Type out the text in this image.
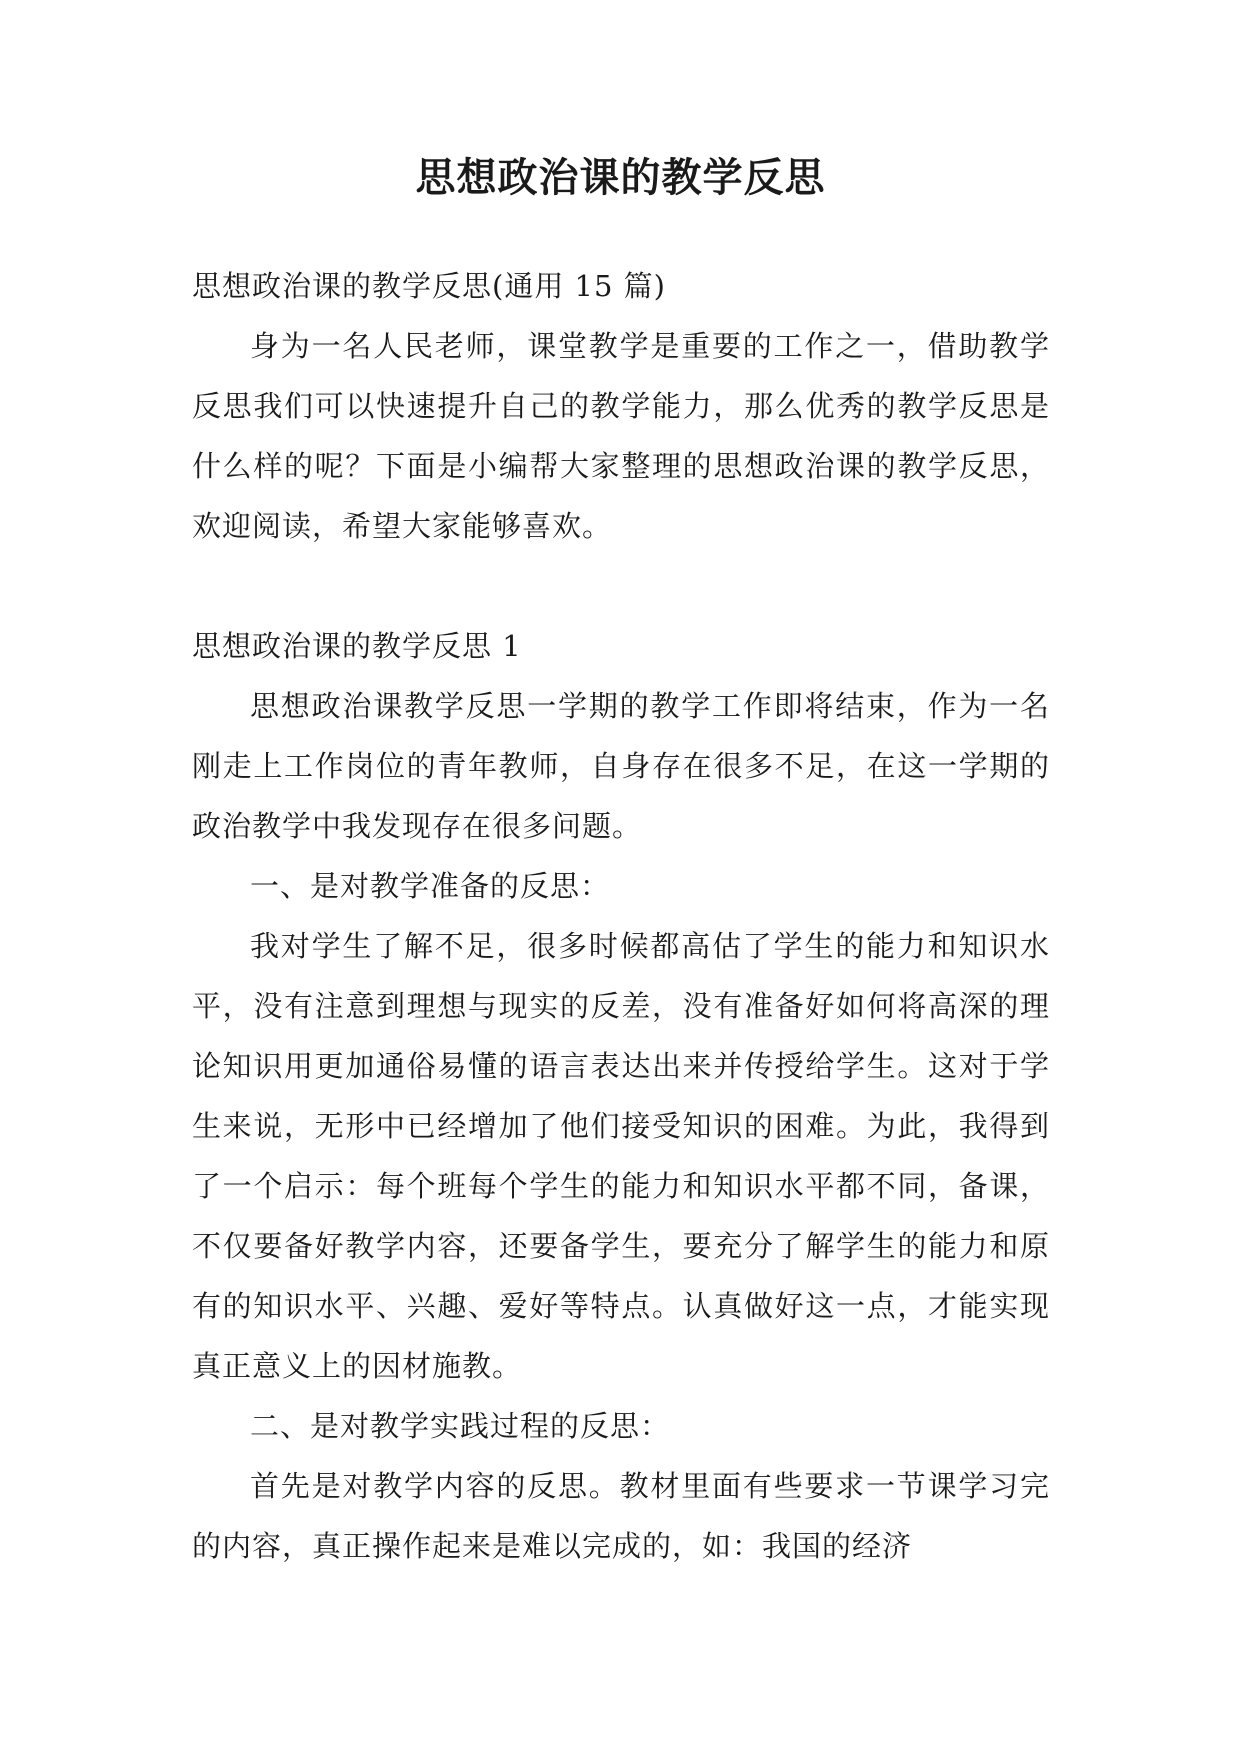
思想政治课的教学反思

思想政治课的教学反思(通用 15 篇)

身为一名人民老师，课堂教学是重要的工作之一，借助教学反思我们可以快速提升自己的教学能力，那么优秀的教学反思是什么样的呢？下面是小编帮大家整理的思想政治课的教学反思，欢迎阅读，希望大家能够喜欢。

思想政治课的教学反思 1

思想政治课教学反思一学期的教学工作即将结束，作为一名刚走上工作岗位的青年教师，自身存在很多不足，在这一学期的政治教学中我发现存在很多问题。

一、是对教学准备的反思：

我对学生了解不足，很多时候都高估了学生的能力和知识水平，没有注意到理想与现实的反差，没有准备好如何将高深的理论知识用更加通俗易懂的语言表达出来并传授给学生。这对于学生来说，无形中已经增加了他们接受知识的困难。为此，我得到了一个启示：每个班每个学生的能力和知识水平都不同，备课，不仅要备好教学内容，还要备学生，要充分了解学生的能力和原有的知识水平、兴趣、爱好等特点。认真做好这一点，才能实现真正意义上的因材施教。

二、是对教学实践过程的反思：

首先是对教学内容的反思。教材里面有些要求一节课学习完的内容，真正操作起来是难以完成的，如：我国的经济
